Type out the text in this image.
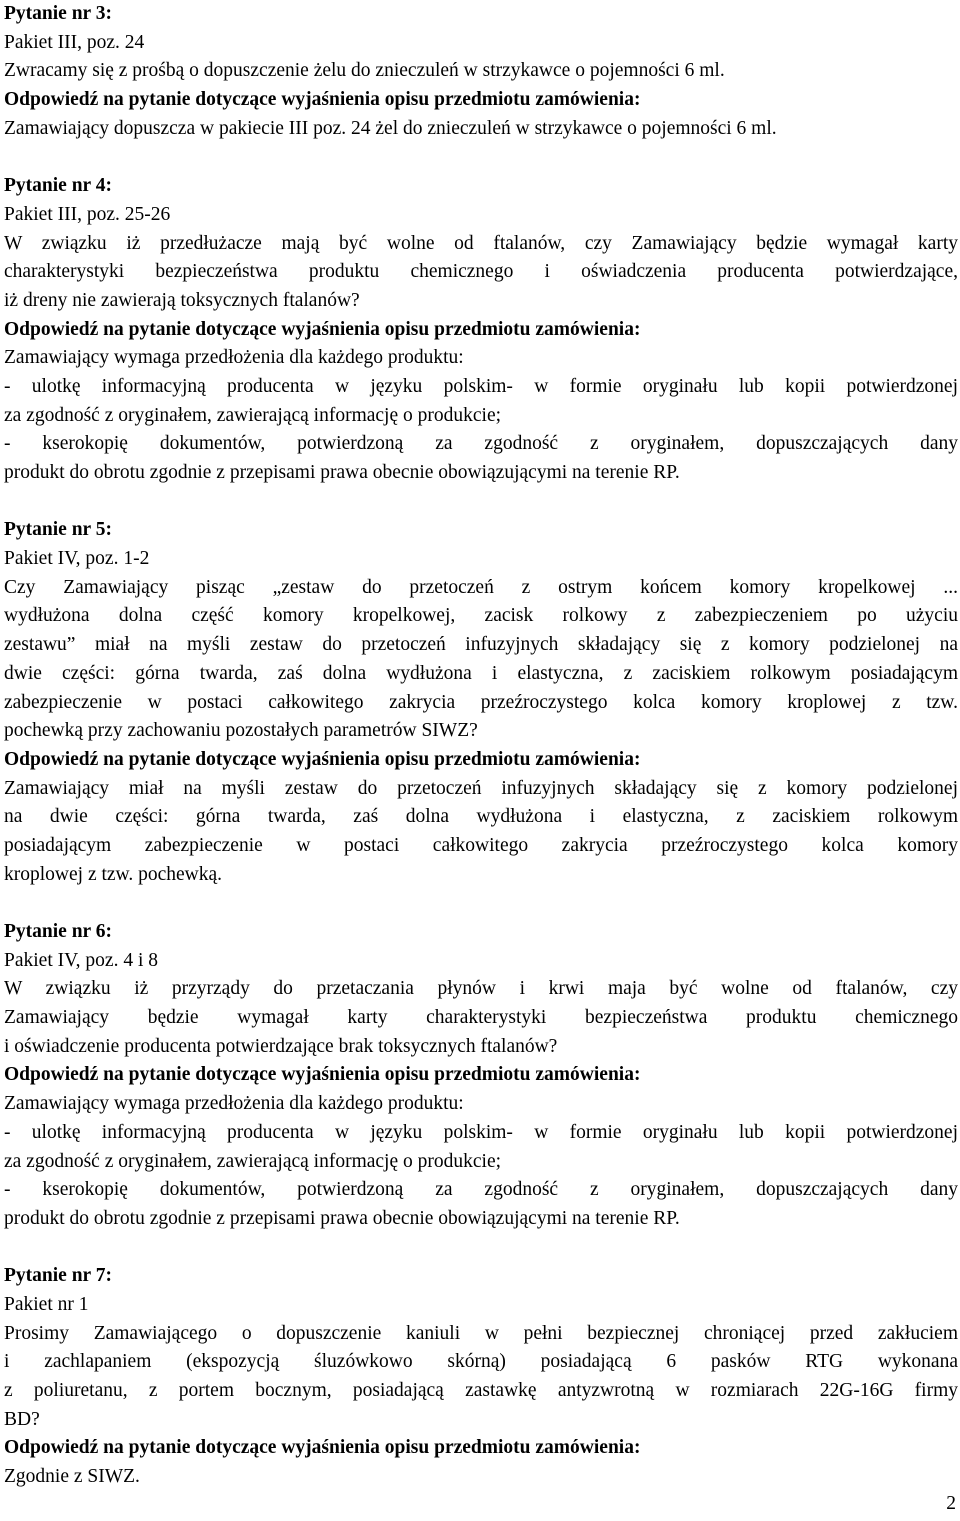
Pytanie nr 3:
Pakiet III, poz. 24
Zwracamy się z prośbą o dopuszczenie żelu do znieczuleń w strzykawce o pojemności 6 ml.
Odpowiedź na pytanie dotyczące wyjaśnienia opisu przedmiotu zamówienia:
Zamawiający dopuszcza w pakiecie III poz. 24 żel do znieczuleń w strzykawce o pojemności 6 ml.
Pytanie nr 4:
Pakiet III, poz. 25-26
W związku iż przedłużacze mają być wolne od ftalanów, czy Zamawiający będzie wymagał karty
charakterystyki bezpieczeństwa produktu chemicznego i oświadczenia producenta potwierdzające,
iż dreny nie zawierają toksycznych ftalanów?
Odpowiedź na pytanie dotyczące wyjaśnienia opisu przedmiotu zamówienia:
Zamawiający wymaga przedłożenia dla każdego produktu:
- ulotkę informacyjną producenta w języku polskim- w formie oryginału lub kopii potwierdzonej
za zgodność z oryginałem, zawierającą informację o produkcie;
- kserokopię dokumentów, potwierdzoną za zgodność z oryginałem, dopuszczających dany
produkt do obrotu zgodnie z przepisami prawa obecnie obowiązującymi na terenie RP.
Pytanie nr 5:
Pakiet IV, poz. 1-2
Czy Zamawiający pisząc „zestaw do przetoczeń z ostrym końcem komory kropelkowej ...
wydłużona dolna część komory kropelkowej, zacisk rolkowy z zabezpieczeniem po użyciu
zestawu” miał na myśli zestaw do przetoczeń infuzyjnych składający się z komory podzielonej na
dwie części: górna twarda, zaś dolna wydłużona i elastyczna, z zaciskiem rolkowym posiadającym
zabezpieczenie w postaci całkowitego zakrycia przeźroczystego kolca komory kroplowej z tzw.
pochewką przy zachowaniu pozostałych parametrów SIWZ?
Odpowiedź na pytanie dotyczące wyjaśnienia opisu przedmiotu zamówienia:
Zamawiający miał na myśli zestaw do przetoczeń infuzyjnych składający się z komory podzielonej
na dwie części: górna twarda, zaś dolna wydłużona i elastyczna, z zaciskiem rolkowym
posiadającym zabezpieczenie w postaci całkowitego zakrycia przeźroczystego kolca komory
kroplowej z tzw. pochewką.
Pytanie nr 6:
Pakiet IV, poz. 4 i 8
W związku iż przyrządy do przetaczania płynów i krwi maja być wolne od ftalanów, czy
Zamawiający będzie wymagał karty charakterystyki bezpieczeństwa produktu chemicznego
i oświadczenie producenta potwierdzające brak toksycznych ftalanów?
Odpowiedź na pytanie dotyczące wyjaśnienia opisu przedmiotu zamówienia:
Zamawiający wymaga przedłożenia dla każdego produktu:
- ulotkę informacyjną producenta w języku polskim- w formie oryginału lub kopii potwierdzonej
za zgodność z oryginałem, zawierającą informację o produkcie;
- kserokopię dokumentów, potwierdzoną za zgodność z oryginałem, dopuszczających dany
produkt do obrotu zgodnie z przepisami prawa obecnie obowiązującymi na terenie RP.
Pytanie nr 7:
Pakiet nr 1
Prosimy Zamawiającego o dopuszczenie kaniuli w pełni bezpiecznej chroniącej przed zakłuciem
i zachlapaniem (ekspozycją śluzówkowo skórną) posiadającą 6 pasków RTG wykonana
z poliuretanu, z portem bocznym, posiadającą zastawkę antyzwrotną w rozmiarach 22G-16G firmy
BD?
Odpowiedź na pytanie dotyczące wyjaśnienia opisu przedmiotu zamówienia:
Zgodnie z SIWZ.
2
